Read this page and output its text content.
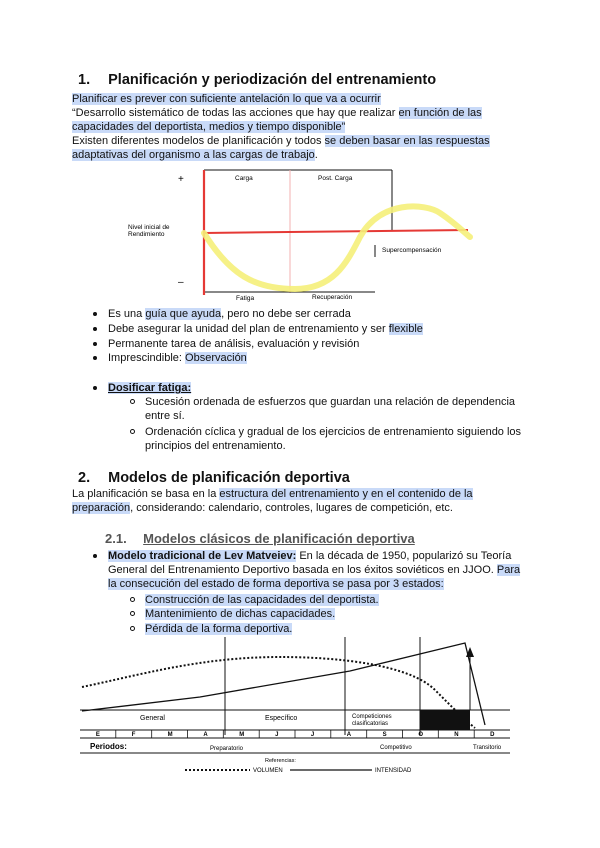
1. Planificación y periodización del entrenamiento
Planificar es prever con suficiente antelación lo que va a ocurrir
“Desarrollo sistemático de todas las acciones que hay que realizar en función de las
capacidades del deportista, medios y tiempo disponible”
Existen diferentes modelos de planificación y todos se deben basar en las respuestas
adaptativas del organismo a las cargas de trabajo.
+
–
Nivel inicial de
Rendimiento
Carga	Post. Carga
Supercompensación
Fatiga	Recuperación
Es una guía que ayuda, pero no debe ser cerrada
Debe asegurar la unidad del plan de entrenamiento y ser flexible
Permanente tarea de análisis, evaluación y revisión
Imprescindible: Observación
Dosificar fatiga:
Sucesión ordenada de esfuerzos que guardan una relación de dependencia
entre sí.
Ordenación cíclica y gradual de los ejercicios de entrenamiento siguiendo los
principios del entrenamiento.
2. Modelos de planificación deportiva
La planificación se basa en la estructura del entrenamiento y en el contenido de la
preparación, considerando: calendario, controles, lugares de competición, etc.
2.1. Modelos clásicos de planificación deportiva
Modelo tradicional de Lev Matveiev: En la década de 1950, popularizó su Teoría
General del Entrenamiento Deportivo basada en los éxitos soviéticos en JJOO. Para
la consecución del estado de forma deportiva se pasa por 3 estados:
Construcción de las capacidades del deportista.
Mantenimiento de dichas capacidades.
Pérdida de la forma deportiva.
General	Específico	Competiciones
clasificatorias
E	F	M	A	M	J	J	A	S	O	N	D
Periodos:	Preparatorio	Competitivo	Transitorio
Referencias:
VOLUMEN	INTENSIDAD
